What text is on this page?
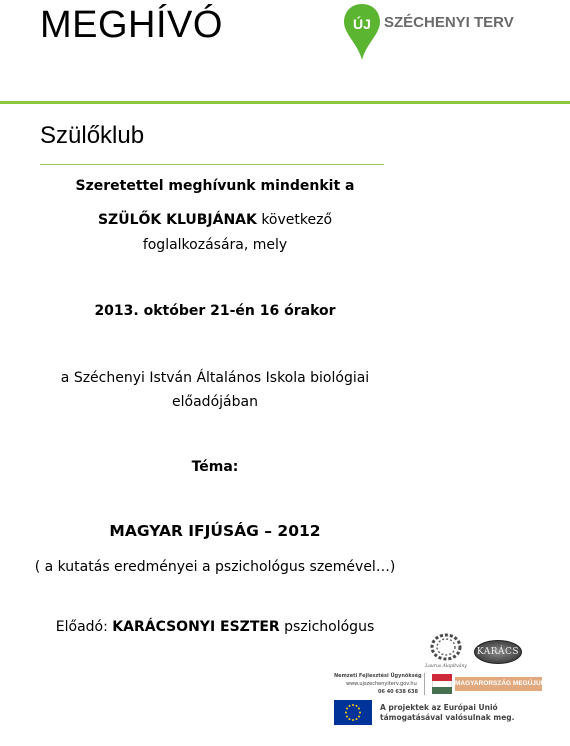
MEGHÍVÓ	ÚJ SZÉCHENYI TERV
Szülőklub
Szeretettel meghívunk mindenkit a
SZÜLŐK KLUBJÁNAK következő
foglalkozására, mely
2013. október 21-én 16 órakor
a Széchenyi István Általános Iskola biológiai
előadójában
Téma:
MAGYAR IFJÚSÁG – 2012
( a kutatás eredményei a pszichológus szemével…)
Előadó: KARÁCSONYI ESZTER pszichológus
Laurus Alapítvány
KARÁCS
Nemzeti Fejlesztési Ügynökség
www.ujszechenyiterv.gov.hu
06 40 638 638
MAGYARORSZÁG MEGÚJUL
A projektek az Európai Unió
támogatásával valósulnak meg.
